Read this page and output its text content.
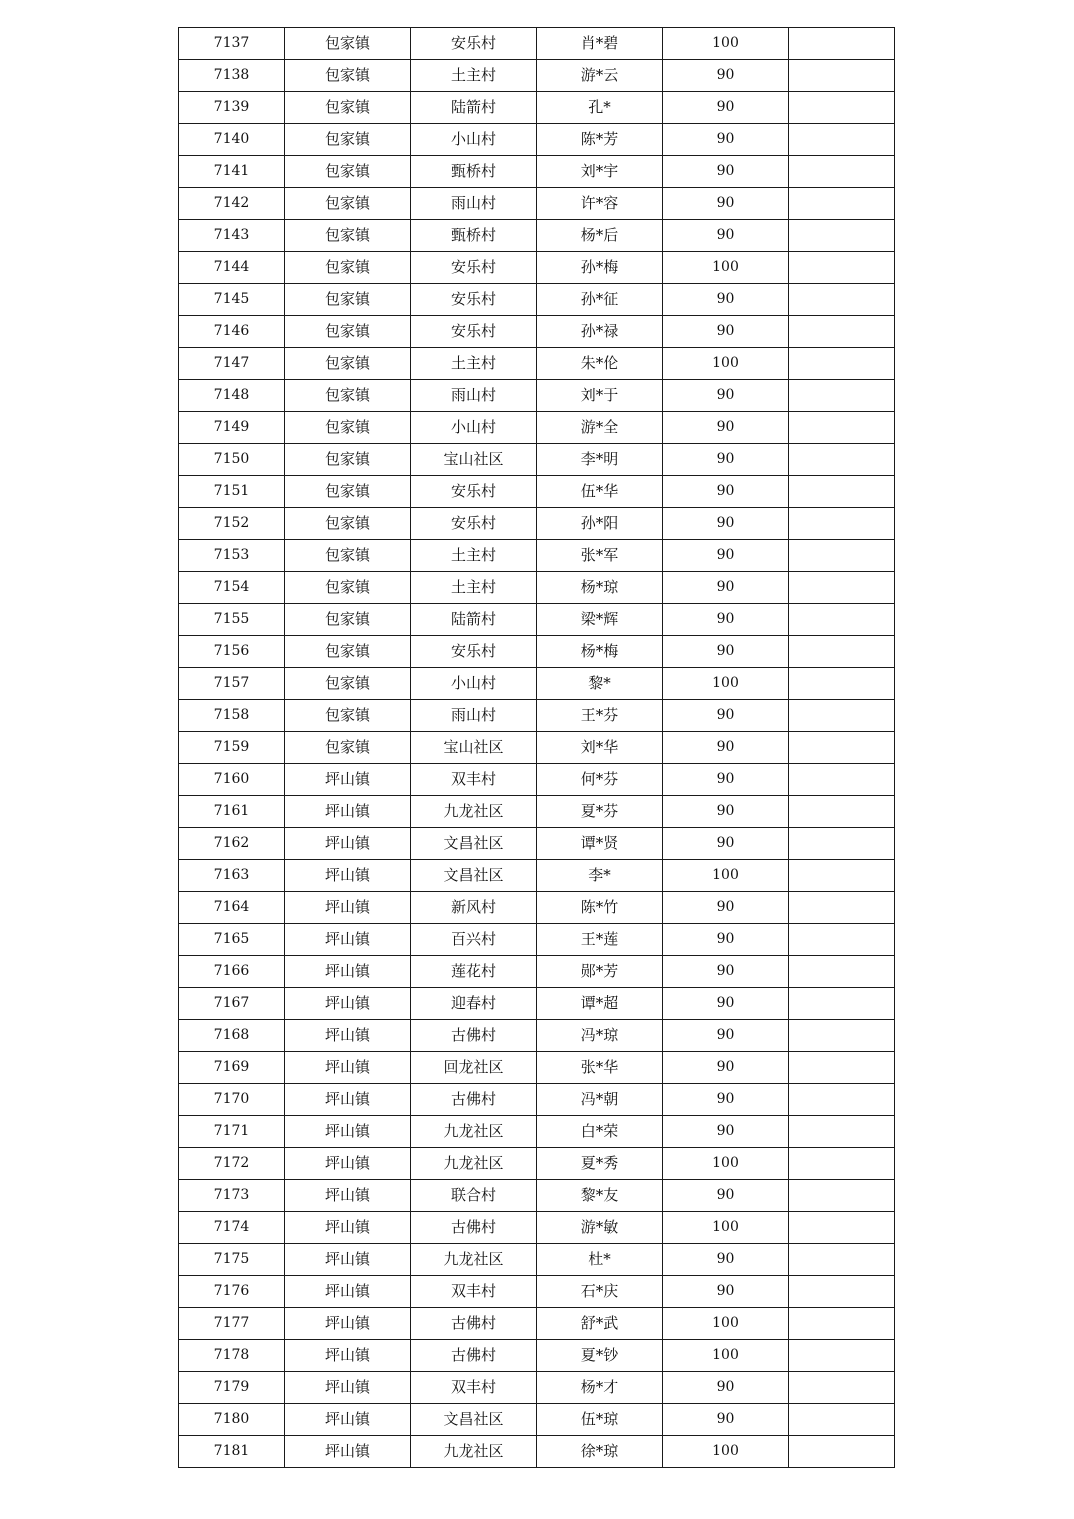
7137	包家镇	安乐村	肖*碧	100	
7138	包家镇	土主村	游*云	90	
7139	包家镇	陆箭村	孔*	90	
7140	包家镇	小山村	陈*芳	90	
7141	包家镇	甄桥村	刘*宇	90	
7142	包家镇	雨山村	许*容	90	
7143	包家镇	甄桥村	杨*后	90	
7144	包家镇	安乐村	孙*梅	100	
7145	包家镇	安乐村	孙*征	90	
7146	包家镇	安乐村	孙*禄	90	
7147	包家镇	土主村	朱*伦	100	
7148	包家镇	雨山村	刘*于	90	
7149	包家镇	小山村	游*全	90	
7150	包家镇	宝山社区	李*明	90	
7151	包家镇	安乐村	伍*华	90	
7152	包家镇	安乐村	孙*阳	90	
7153	包家镇	土主村	张*军	90	
7154	包家镇	土主村	杨*琼	90	
7155	包家镇	陆箭村	梁*辉	90	
7156	包家镇	安乐村	杨*梅	90	
7157	包家镇	小山村	黎*	100	
7158	包家镇	雨山村	王*芬	90	
7159	包家镇	宝山社区	刘*华	90	
7160	坪山镇	双丰村	何*芬	90	
7161	坪山镇	九龙社区	夏*芬	90	
7162	坪山镇	文昌社区	谭*贤	90	
7163	坪山镇	文昌社区	李*	100	
7164	坪山镇	新风村	陈*竹	90	
7165	坪山镇	百兴村	王*莲	90	
7166	坪山镇	莲花村	郧*芳	90	
7167	坪山镇	迎春村	谭*超	90	
7168	坪山镇	古佛村	冯*琼	90	
7169	坪山镇	回龙社区	张*华	90	
7170	坪山镇	古佛村	冯*朝	90	
7171	坪山镇	九龙社区	白*荣	90	
7172	坪山镇	九龙社区	夏*秀	100	
7173	坪山镇	联合村	黎*友	90	
7174	坪山镇	古佛村	游*敏	100	
7175	坪山镇	九龙社区	杜*	90	
7176	坪山镇	双丰村	石*庆	90	
7177	坪山镇	古佛村	舒*武	100	
7178	坪山镇	古佛村	夏*钞	100	
7179	坪山镇	双丰村	杨*才	90	
7180	坪山镇	文昌社区	伍*琼	90	
7181	坪山镇	九龙社区	徐*琼	100	
